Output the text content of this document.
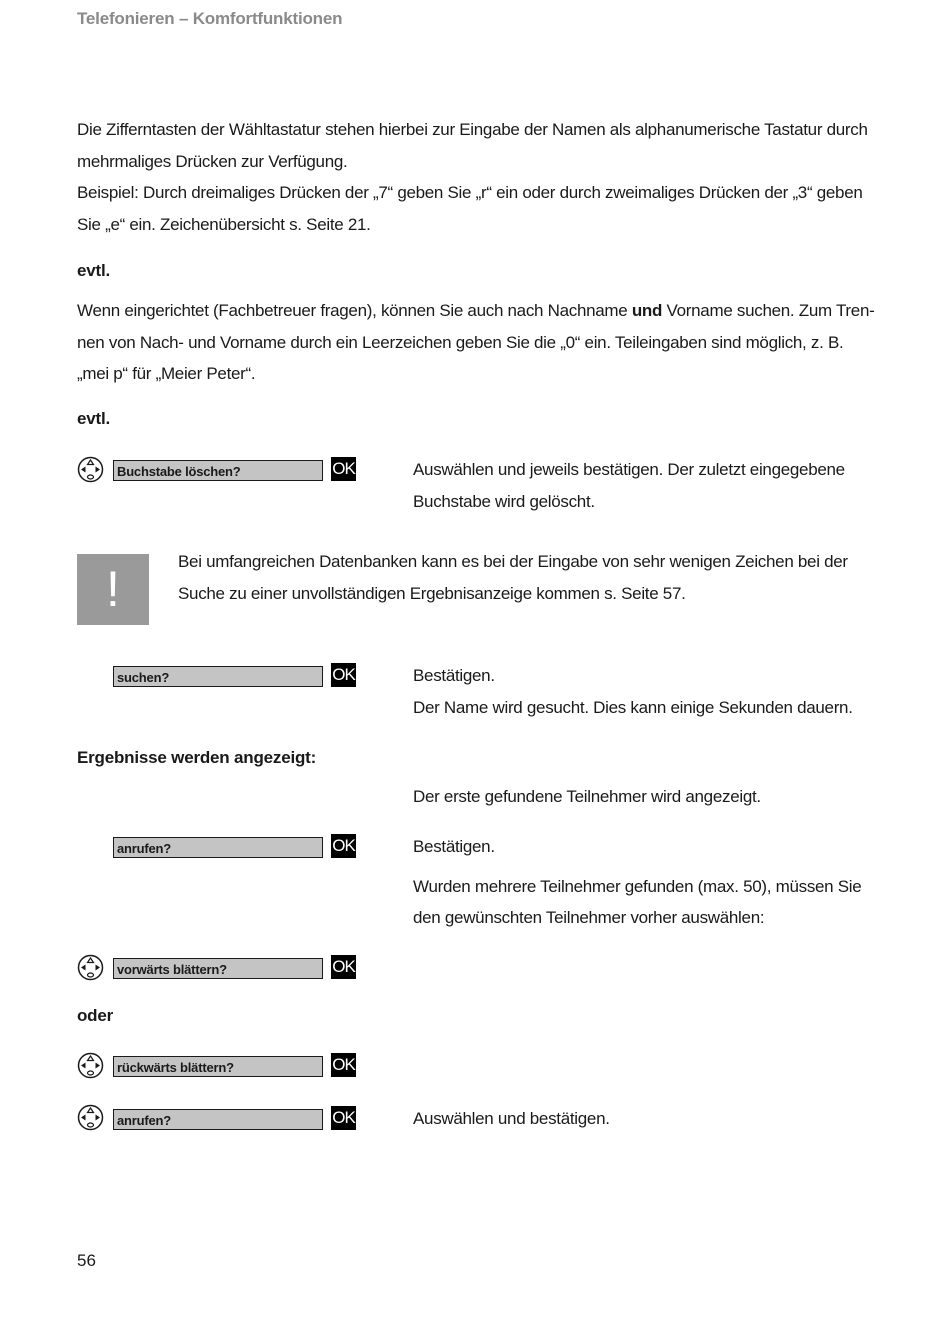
Telefonieren – Komfortfunktionen
Die Zifferntasten der Wähltastatur stehen hierbei zur Eingabe der Namen als alphanumerische Tastatur durch
mehrmaliges Drücken zur Verfügung.
Beispiel: Durch dreimaliges Drücken der „7“ geben Sie „r“ ein oder durch zweimaliges Drücken der „3“ geben
Sie „e“ ein. Zeichenübersicht s. Seite 21.
evtl.
Wenn eingerichtet (Fachbetreuer fragen), können Sie auch nach Nachname und Vorname suchen. Zum Tren-
nen von Nach- und Vorname durch ein Leerzeichen geben Sie die „0“ ein. Teileingaben sind möglich, z. B.
„mei p“ für „Meier Peter“.
evtl.
Buchstabe löschen?	OK	Auswählen und jeweils bestätigen. Der zuletzt eingegebene
Buchstabe wird gelöscht.
!	Bei umfangreichen Datenbanken kann es bei der Eingabe von sehr wenigen Zeichen bei der
Suche zu einer unvollständigen Ergebnisanzeige kommen s. Seite 57.
suchen?	OK	Bestätigen.
Der Name wird gesucht. Dies kann einige Sekunden dauern.
Ergebnisse werden angezeigt:
Der erste gefundene Teilnehmer wird angezeigt.
anrufen?	OK	Bestätigen.
Wurden mehrere Teilnehmer gefunden (max. 50), müssen Sie
den gewünschten Teilnehmer vorher auswählen:
vorwärts blättern?	OK
oder
rückwärts blättern?	OK
anrufen?	OK	Auswählen und bestätigen.
56
